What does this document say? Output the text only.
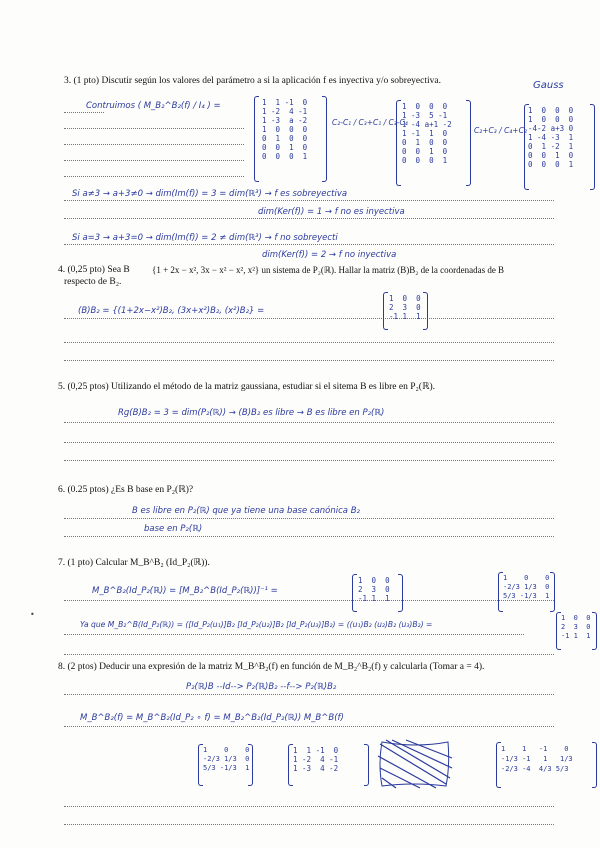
3. (1 pto) Discutir según los valores del parámetro a si la aplicación f es inyectiva y/o sobreyectiva.	Gauss
Contruimos ( M_B₂^B₂(f) / I₄ ) =	1  1 -1  0
1 -2  4 -1
1 -3  a -2
1  0  0  0
0  1  0  0
0  0  1  0
0  0  0  1
C₂-C₁ / C₃+C₁ / C₃-C₄
1  0  0  0
1 -3  5 -1
1 -4 a+1 -2
1 -1  1  0
0  1  0  0
0  0  1  0
0  0  0  1
C₂+C₃ / C₄+C₂
1  0  0  0
1  0  0  0
-4-2 a+3 0
1 -4 -3  1
0  1 -2  1
0  0  1  0
0  0  0  1
Si a≠3 → a+3≠0 → dim(Im(f)) = 3 = dim(ℝ³) → f es sobreyectiva
dim(Ker(f)) = 1 → f no es inyectiva
Si a=3 → a+3=0 → dim(Im(f)) = 2 ≠ dim(ℝ³) → f no sobreyecti
dim(Ker(f)) = 2 → f no inyectiva
4. (0,25 pto) Sea B {1 + 2x − x², 3x − x² − x², x²} un sistema de P₂(ℝ). Hallar la matriz (B)B₂ de la coordenadas de B
respecto de B₂.
(B)B₂ = {(1+2x−x²)B₂, (3x+x²)B₂, (x²)B₂} =
1  0  0
2  3  0
-1 1  1
5. (0,25 ptos) Utilizando el método de la matriz gaussiana, estudiar si el sitema B es libre en P₂(ℝ).
Rg(B)B₂ = 3 = dim(P₂(ℝ)) → (B)B₂ es libre → B es libre en P₂(ℝ)
6. (0.25 ptos) ¿Es B base en P₂(ℝ)?
B es libre en P₂(ℝ) que ya tiene una base canónica B₂
base en P₂(ℝ)
7. (1 pto) Calcular M_B^B₂ (Id_P₂(ℝ)).
•
M_B^B₂(Id_P₂(ℝ)) = [M_B₂^B(Id_P₂(ℝ))]⁻¹ =
1  0  0
2  3  0
-1 1  1
1    0    0
-2/3 1/3  0
5/3 -1/3  1
Ya que M_B₂^B(Id_P₂(ℝ)) = ([Id_P₂(u₁)]B₂ [Id_P₂(u₂)]B₂ [Id_P₂(u₃)]B₂) = ((u₁)B₂ (u₂)B₂ (u₃)B₂) =
1  0  0
2  3  0
-1 1  1
8. (2 ptos) Deducir una expresión de la matriz M_B^B₂(f) en función de M_B₂^B₂(f) y calcularla (Tomar a = 4).
P₂(ℝ)B --Id--> P₂(ℝ)B₂ --f--> P₂(ℝ)B₂
M_B^B₂(f) = M_B^B₂(Id_P₂ ∘ f) = M_B₂^B₂(Id_P₂(ℝ)) M_B^B(f)
1    0    0
-2/3 1/3  0
5/3 -1/3  1
1  1 -1  0
1 -2  4 -1
1 -3  4 -2
1    1   -1    0
-1/3 -1   1   1/3
-2/3 -4  4/3 5/3
